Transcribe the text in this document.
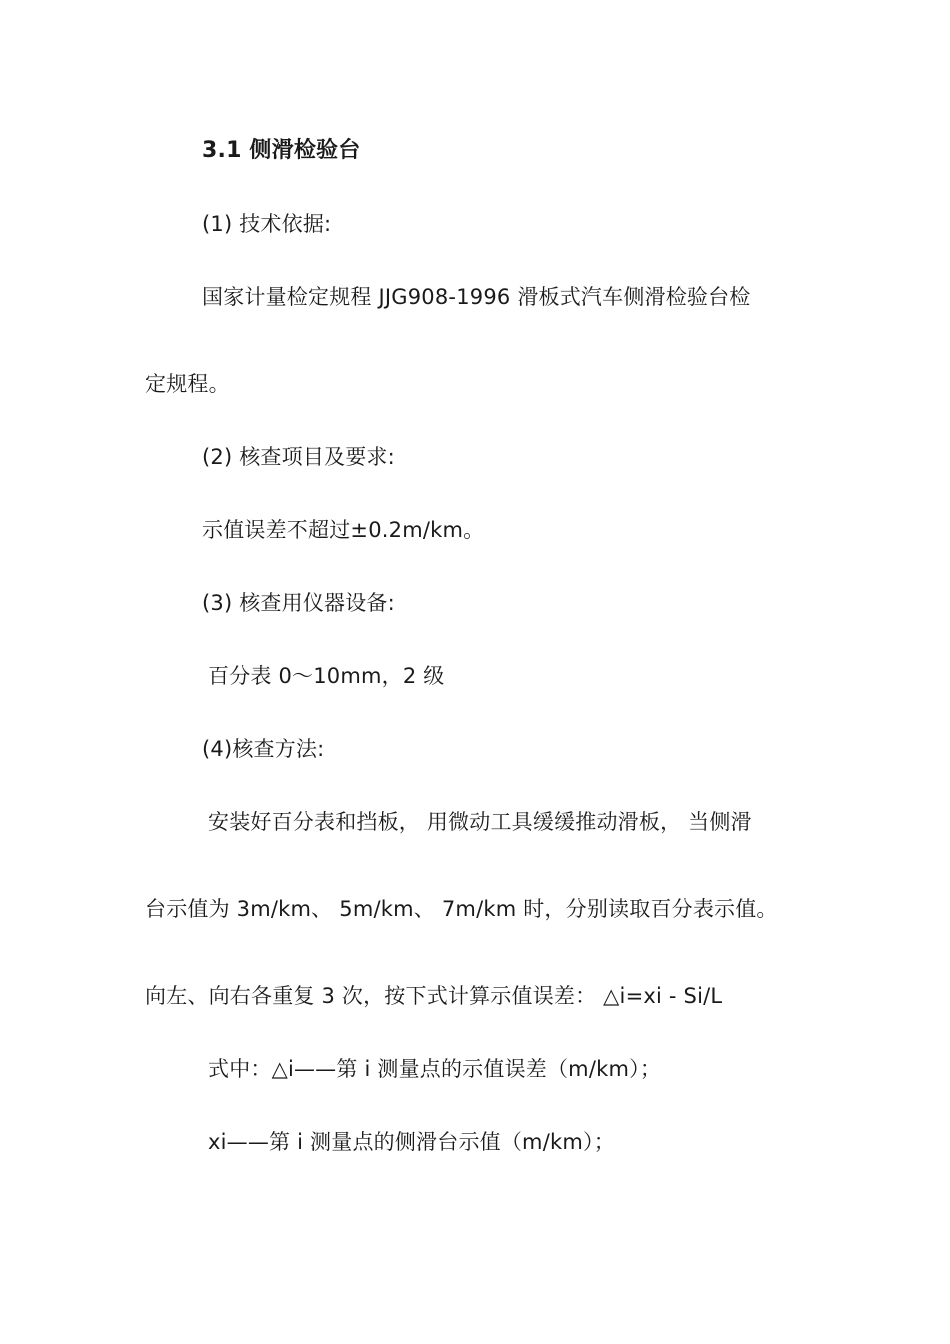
3.1 侧滑检验台
(1) 技术依据:
国家计量检定规程 JJG908-1996 滑板式汽车侧滑检验台检
定规程。
(2) 核查项目及要求:
示值误差不超过±0.2m/km。
(3) 核查用仪器设备:
百分表 0～10mm，2 级
(4)核查方法:
安装好百分表和挡板， 用微动工具缓缓推动滑板， 当侧滑
台示值为 3m/km、 5m/km、 7m/km 时，分别读取百分表示值。
向左、向右各重复 3 次，按下式计算示值误差： △i=xi - Si/L
式中：△i——第 i 测量点的示值误差（m/km）；
xi——第 i 测量点的侧滑台示值（m/km）；
